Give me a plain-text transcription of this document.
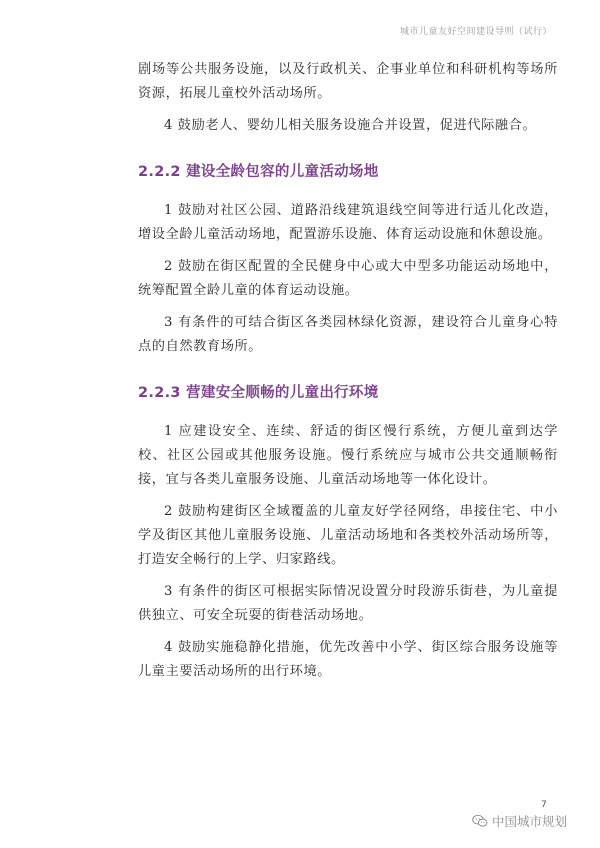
城市儿童友好空间建设导则（试行）

剧场等公共服务设施，以及行政机关、企事业单位和科研机构等场所资源，拓展儿童校外活动场所。

4 鼓励老人、婴幼儿相关服务设施合并设置，促进代际融合。

2.2.2 建设全龄包容的儿童活动场地

1 鼓励对社区公园、道路沿线建筑退线空间等进行适儿化改造，增设全龄儿童活动场地，配置游乐设施、体育运动设施和休憩设施。

2 鼓励在街区配置的全民健身中心或大中型多功能运动场地中，统筹配置全龄儿童的体育运动设施。

3 有条件的可结合街区各类园林绿化资源，建设符合儿童身心特点的自然教育场所。

2.2.3 营建安全顺畅的儿童出行环境

1 应建设安全、连续、舒适的街区慢行系统，方便儿童到达学校、社区公园或其他服务设施。慢行系统应与城市公共交通顺畅衔接，宜与各类儿童服务设施、儿童活动场地等一体化设计。

2 鼓励构建街区全域覆盖的儿童友好学径网络，串接住宅、中小学及街区其他儿童服务设施、儿童活动场地和各类校外活动场所等，打造安全畅行的上学、归家路线。

3 有条件的街区可根据实际情况设置分时段游乐街巷，为儿童提供独立、可安全玩耍的街巷活动场地。

4 鼓励实施稳静化措施，优先改善中小学、街区综合服务设施等儿童主要活动场所的出行环境。

7
中国城市规划
